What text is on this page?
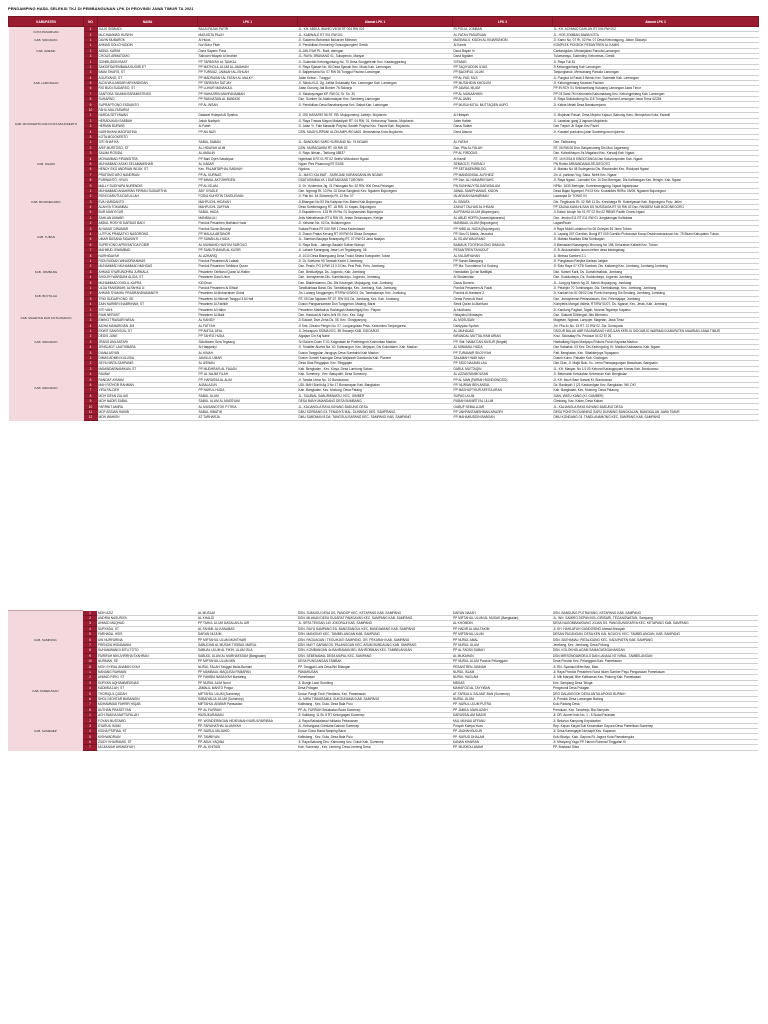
PENDAMPING HASIL SELEKSI TKJ DI PEMBANGUNAN LPK DI PROVINSI JAWA TIMUR TA 2021
KABUPATEN	NO	NAMA	LPK 1	Alamat LPK 1	LPK 3	Alamat LPK 3
KOTA PASURUAN	1	JULIS SISBIADI	BALAI PAJAK PATIR	JL. KH. ABDUL WAHID VII/18 RT 004 RW 002	RI POLUL JOMBAN	JL. KH. ACHMAD DAHLAN RT 004 RW 002
	2	MUCHAMMAD HUSEIN	MASJIDTA PALIH	JL. KABINALE RT 001 RW 001	AL FATAH PASURUAN	JL. HOS JOMBAN BAWA KOTA
KAB. SIDOARJO	1	DAVIN MUBAROK	Al Hulus	Jl. Sudarmo Buhamuk Mukarom Mbewon	MASIMALS, KIDON AL KINARUNIOM	Jl. Kamo No. 07 Rt. 02 Rw. 07 Desa Kebonagung, Jabon Sidoarjo
KAB. GRESIK	1	AHMAD SOLICHUDDIN	Nur Bulur Fitah	Jl. Pendidikan Kemuning Gunungsungkeri Gresik	Al Kamis	KOMPLEK PONDOK PESANTREN AL KAMIS
	2	ABDUL KARIM	Darul Sayaen Puna	JL.AHLIYAH PL. Budi, daringan	Darul Bayan In	Cantaragulan, Menanjakan Panuda Lamongan
	3	CHOLIS ARMATOMO	Sabuan Hidayah Al Ibrahim	JL. RAYA, BRANANG 01, Sukapendo, Manyar	Darul Ngalam	Tulumanayu, Sukerdiny, Kebonmas, Gresik
KAB. LAMONGAN	1	SOHIBUDDIN BAST	PP TARBIYAH AL TANKAL	Jl. Gulandah Kebongpintang No. 70 Desa Sunggelerah Kec. Kawanggorang	SITIMAH	Jl. Raya Tuli 81
	2	SAKSIFSAYEMBANA SUGIRI ET	PP MATHOLIL ULUM AL-UMAHAN	Jl. Raya Sjawah No. 80 Desa Sjawah Kec. Modo Kab. Lamongan	PP TAQIYUDDIN ILYAS	Jl.Kebongpintang Kab Lamongan
	3	IMAM SHAFIS, ST	PP TURMUZ, JAMAAH AL-ISHLAH	Jl. Bajiperdana No. 07 RW 06 Tunggul Paciran Lamongan	PP BACHRUL ULUM	Tanjungbaruk, Mencanang Panuda Lamongan
	4	AGUSYANG, ST	PP MADRASAH AL FATAH AL MALKY	Jalan Kebun - Tunggul	PP AL FAD, MLS	Jl. Pungkol Al Fatah 3 Brindo Kec. Dokmate Kab. Lamongan
	5	ALDA WULANSARI ARYANDIDAN	PP TARBIYAH SATJAY	Jl. Sidolu KLII, Jig. Jabba Sukawatty Kec. Lamongan Kab. Lamongan	PP MUTAHIDIN KHOLLIM	Jl. Kebongpintang Kauman Paciran
	6	RIO BUDI SUDARSO, ST	PP LUHUR MANANJUL	Jalan Gunung Jati Bunker 76 Sidoarjo	PP JAMIUL MLAM	PP IN ROY 01 Selokambang Kutulang Lamongan Jawa Timur
	7	SANTOSA TAUMANTARAMISTINSO	PP HAHAJIRIN MAHFANAIMAN	Jl. Sidaboyongan KP. RW 01, Sr. Sn. 30	PP AL MUNAAHHIN	PP 03 Santi 7M Kebonsela Kabumadang Kec. Kebongpintang Kab. Lamongan
	8	SUHARNO	PP RAKHATAIN AL BANNOK	Dsn. Sumber 3a Jalabundayan Kec. Sambeng Lamongan	PP AL AMIN	Jl. Raya Sidodadiong No 115 Tunggul Paciran Lamongan Jawa Timur 62254
	9	SUPRAPTIONO ESDIANTO	PP AL INSAN	Jl. Pendidikan Desa Banaborejoma Kec. Babat Kab. Lamongan	PP MUSLIHUTUL MUTTAQIEN AUPO	Jl. Kidela Melati Desa Banaborejoma
KAB. MOJOKERTO DAN KOTA MOJOKERTO	10	FAHLI MULYASARIM				
	1	HARDA SETYAWAN	Dalawat Hidayah Al Syafina	Jl. GSI HASAPAT 56 RT. RB. Mojogomeng. Jatirejo. Mojokerto	Al Hidayah	Jl. Mojolsari Pasuri, Desa Mejobo Kajaun, Babunig Haru, Mempuhan Kota, Kwantil
	2	HERADUKAN SABBAH	Jakob Nadiyah	Jl. Raya Trawas Mayun Makadiyah RT. 04 RW. 01, Kebonaray Trawas, Mojokerto	Jalen Hafiah	Jl. Lawakan gang 3 Ingnam Mojokerto
	3	HERMIN BURWIS	Al Fatah	Jl. Jalan Yr. Fale Masarah Prayhsi Gaoteh Prayhsi Kec. Fasuhi Kab. Mojokerto	Darus Salam	Dsn Trepuh Jb Sajan Kec Pacet
	4	NURHAYANI MAGFIATINA	PP AN NUR	DSN. MAGIYURPANI ULON AMPURO MAS. Bertahabina Kota Mojokerto	Darul Alauna	Jl. Kuwatel punkulmo jalan Sumbergora mojokerto
	5	KOTA MOJOKERTO				
KAB. NGAWI	1	SITI SHAFIYA	SABUL SABAN	JL. BANDUNG SARO SURKAND No. 74 NGAWI	AL FATAH	Dsn. Tarikurang
	2	ARIF MURTOSO, ST	AL-HIDAYAH ALIM	DSN. MURAGAHIM RT. 08 RW 03	Dsn. PNs AL FALAH	RT. 06 RW.05 Dsn. Bakyanurang Dis Mun Jagoreang
	3	SALMA ROSIDA	AL AMALIN	Jl. Rayu Ikhsan - Tarikong 08837	PP AL FIRDOUS	Dsn. Kahodihayon Jis Magalaro Kec. Karwaji Kab. Ngawi
	4	MOHAMMAD FIRANSITRA	PP Bani Oyeh Sarakiyas	Ngimbadi 8 RT.01 RT.02 Selelo Widodoron Ngawi	Al Kamili	RT. 10 KOSA 8 SINGOTANGA Dsn Kaluzunyunten Kab. Ngawi
	5	MUHAMMAD ASAKI SELAMAMSHAR	AL KABAR	Ngorn Ples Pisaurong RT 03/08	SEMAOLTI, FIKRIADI	PN Rohim ARMANDANALSEJATGOTO
	6	HENDY EKO ANDRIAN WIJAY, ST	Kec. PALAMTAPHAL SABHAH	Ngokoa	PP SETIASEMRBLOG	Jl. Mabalo No 08 Sudegandu Dis. Risorandini Kec. Ridolyani Ngawi
	7	PRATOMO ARO NANDRIAN	PP AL KURNAS	JL. MAYO KALINAT - SARKJANI KARANGANNJIN NGAWI	PP MANDUNGAL ALFIHIDZ	Jln. A. pahlean Yug. Saba. Nefrit Kec. Ngawi
	8	PURWANTO, HYUN	PP IMMUL AKTOHIRDEN	DSATUSIMBALYA 1 DMTANGANS TURONIN	PP Dsn. AL HAMARKIYAHS	Jl. Raya Ngawi - Larnakel Km. 10 Dsn Beringan, Dis Kaliwangan Kec. Bringin, Kab. Ngawi
	9	MALLY SUDIYAPA NURENDIS	PP AL ISLAM	Jl. Dr. Yustendos Jig. 01 Patungala No. 62 RW. 506 Desa Pelangan	PN.SUNHNUYITA DARUSALAM	NPNc. 1630 Beringan, Kurtekeranggung, Ngawi Ngawipusa
KAB. BOJONEGORO	1	MUHAMMAD ANAHIRAN FIRRAN SUDIARTHA	ABY SYADLE	Dsn. Ngrungi Rt. 10 Rw. 02 Desa Sangkrok Kec. Ngasem Bojonegoro	JAWAL SANIPHANIAS, KIDON	Desa Bajan Ngampel. Rt 03 Kriv. Kodrakkes Rt/Rw. 05/05. Ngasem Bojonegoro
	2	RONI DARUTULDATULLAH	FODIA KUHSTIN TANGLEMAN	Jl. Pak No. 54 Sidomrejo Rt. 12 Rw. 07	IALAFAIAN BAHARMAN	Lawanjad Dr TONIO 04
	3	EVA HARIDANTO	MAHFUCHL HIDAYAH	Jl.Bhangan No 53 Dis Kaliyoan Kec.Baleni Kab.Bojonegoro	AL ISMATA	Dis. Tingkhanlo Rt. 02 RW 11 Ds. Kresinarga Rt. Sukrelyasari Kab. Bojonegoro Prov. Jatim
	4	ALANYA TOKANBAL	MAHFUCHL ZAFFAN	Desa Sumberagung RT. 18 RW. 11 Kapas, Bojonegoro	ZAINUT TALHAS AL IHSANI	PP ZAIJIALKANLHLSAN DS NUSISAGA RT 05 RW 02 Dsc. PANDEM KAB BOJONEGORO
	5	BUR MANYIGUR	SABUL HADA	Jl.Stupakilen no. 125 Rt 09 Rw. 01 Sughamanis Bojonegoro	ALIFRAHULULUM (Bojonegoro)	Jl.Subuh Ichayn No 01 RT 02 Rw 02 RBWS Padlih Chanu Ngasi
KAB. TUBAN	1	SAHLAN ANWAR	MANBALULI	Jetis Mahabhasah RT 6 RW 05, Jetam Setonsayam, Kebijar	AL ABUD HOFRI (Anzwulnjanarenu)	Dsn. Jembu 011 RT 011 RW 01 Jungkaongar Koibidaas
	2	ABDUL ROSYID DARDAS BADI	Pondok Pesantren Mathlaul Huda	Jl. Yabaran No. 02 Ds. Bulakrengono	MANBAUL ULUM (Bojonegoro)	Lagan/Ruah
	3	ALYAMAT DINAMAR	Pondok Sunan Beranyi	Sudaal Pratus RT 000 RW 1 Desa Kaumdasari	PP NIBD AL HUDA (Bojonegoro)	Jl Raya Mukti Lohiahun No 08 Guleyan 55 Jtcno Tuban
	4	LUTFUK PRABATYO NASORONG	PP MAULA ABTANOR	Jl. Dusun Pratus Kerung RT 09 RW 04 Dlesa Surapaso	PP Gan 01 Mabis, Jeunahul	Jl. Lapang 007 Gurnilah, Bongi RT 009 Gurnillo Plobunasol Karup Dwiohnasvariusan No. 75 Bkam Kabupaten Tuban
	5	UMAR BUSANA SIDASINTI	PP SUNAN AL-HUDA	JL. Samban Baujaya Bnarapahg RT. 07 RW 03 Jana Nalajan	AL ISLAM WALIRANG	Jl. Mabalo Mualkan Dilla Sumbagan
	6	SUPRIYONO APRIYANTOA FOBIR	AL MUWAHID HASYIM SURGILO	Jl. Raya Bulu - Jatirogo Bawahi Sulkan Warupt	BAMAUK TOOFIKULONG DIMLINA	Jl Mamadani Klarangrejo Mnurong No 198. Kelurahan Kaliwiti Kec. Tuban
	7	MAHMUD JIWAMBAD	PP SANUTHAHUB AL KUSIR	Jl. Lakseb Karangang Jawe Lori Tegalagung, 06	PESANTREN TAHUDUT	Jl. B. Abdusahabin dusun kebon desa karangasag
	8	NURHIDAYAH	AL AZHARIQ	Jl. 1010 Desa Blaneguang Desa Trukul Setara Kabupaten Tuban	AL MUJARYAHAN	Jl. Mebwa Sumberi 2.1
KAB. JOMBANG	1	RIZA RUDIAN WINUDRIANIHAS	Pondok Pesantren Al Lataak	Jl. Dr. Soetomo 95 Tambak Kediri 3 Jombang	PP Sunan Blatagung	Jl. Pungkasan Renjiba Karisan Jatijaw
	2	MUHAMMAD MUHAMMAD MAHDAS	Pondok Pesantren Tahfidzul Quran	Dsn. Pesilo, PG 8 RW 13 0.3 Dsn. Pesi Pelo, Pelo, Jombang	PP Ma. Turunlaboa 9 A Sodong	Jl. Bolo Raya 07 KTB Sumbah, Dis. Kaliwang Kec. Jombang, Jombang Jombang
	3	AHMAD SYARUNOHRA JURNALA	Pesantren Tahfidzul Quran Al-Hakim	Dsn. Bebluwijaya, Ds. Jogoroto, Kab. Jombang	Hamdaifah Qo'ran Batitiljati	Dsn. Karsmi Karit, Ds. Dumahimabalo, Jombang
	4	SHOLEH WARDANI ALIOA, ST	Pesantren Darul Ulum	Dsn. Jomayraman Dis. Sumbiaiuluyu, Jogoroto, Jombang	Al Sholamutan	Dsn. Sodokobaya, Ds. Sodokobaya, Jogoroto Jombang
	5	MUHAMMAD KHOLIL KAPRA	KIDOnan	Dsn. Blaktendarmu, Dis. Dis Kerangsti, Mojoagung, Kab. Jombang	Darus Burrenu	JL. Jong pg Marsh Ng 20. Marsh Mojoagung, Jombang
KAB. BOYOLALI	1	ULDA FANISWAHI, ALFAHKA Lt	Pondok Pesantren Al Kifaun	Tandikahlasa Barat, Dis. Tambakaraja, Kec. Jombang, Kab. Jombang	Pondok Pesantren Al Fazal	Jl. Pelahpin 70 Tumihangan, Dis. Tambakaraja, Kec. Jombang, Jombang
	2	AHMAD SYAMHU PRADRANDIAMANITH	Pesantren Al-Mubarrahan Gubal	Jln. Lanang Tanggungen, RT/RW 003/003, Ds. Tambakaraja, Kec. Jombang	Pondok Al-Hanasini Z	Jl. Kankah No 51 05/02 Dsu Puntu Kampung Dis Sindang, Jombang, Jombang
	3	TRIO SUDARYONO, SE	Pesantren Al-Hikmah Tanggul 3 Al Hafi	RT. 09 Dsn Ngawan RT 07, RW 001 Ds. Jombang, Kec. Kab. Jombang	Gema Puran Al Hadi	Dsn. Jomayraman Pekanalawen, Kec. Pelentajaya, Jombang
	4	ZAIN NARIBRI INABRIHAM, ST	Pesantren Al-Falihbh	Dusun Pangsarsanean Dsn Tunggeran, Malang, Barat	Sewit Quran Al-Mahfuzd	Kompleks Mangal Valleta, RT/RW 01/07, Ds. Nganar, Kec. Jerak, Kab. Jombang
KAB. MAGETAN DAN KOTA MADIUN	1	SITI VAHI	Pesantren Al Halim	Pesantren Mahfadrus Radungah Masenlhgaji Kec. Plapan	Al Nudhumu	Jl. Kandung Pagibal, Tagah, Mosnal Tegalrejo Kapaiso
	2	RIAN NERAST	Pesantren Al-Malk	Dsn. Hasiuad Al Haim Jehi 05. Kec. Kec. Gagi	Hidayahul Mustaqim	Dsn. Sakurat Dlhhtngah Jkts Mlemenu
	3	EMING TRIASARI WISAI	AL KANIDY	Jl.Sukawi, Dsm Zena Ds. 05, Kec. Gongiyanyng	AL MOSUDAN	Magetan, Nglowa, Lanyojer, Magetan, Jawa Timur
	4	AIDHA MAHARDIAN JIM	AL FATYAH	Jl Srst, Ghrahu Pengin No. 07. Lungungusan Prsis. Kebumkno Tanjungaresi	Dahiyyato Syofan	Jln. Pila 3c No. 15 RT. 22 RW 02. Dis. Sumoyudo
KAB. SIDOARJO	1	EKWIT SANGISOU, ST	PP AMTUL AFAL	Jl. Jeturapuru SSIMA KEC. 89 Sidoarjo KAB. SIDOARJO	AL-MUHAJAD	DSOUR BALAK ABR RAJAWBANG HATULAN KERIJU SIDOARJO WARMAN KABUPATEN MAARIAN JAWA TIMUR
	2	DEDIS JUNE	PP TAHFIZ HUDA	Algajam Cin Kaj Nabir	BIRANDAL MUTTALIYAM ARIAN	Khul. Sidosatay Rs. Pedosar 04 02 EI 26
	3	JRANG AMLASTARI	Siduhiwem Sera Tegaang	Sri Salorm Doan Tl 01 Kalgedade ke Posfelingroh Kotmurkan Madiun	PP. Sitir. NAMA'CAN NUSUR (Negati)	Harikaliang Nojan Madyapo Fiskulni Puluh Kapanta Madiun
	4	JENSLADY LAUTISBARA	Al-Haqqaniyi	Jl. Tulakiter Alumni Na. 40. Kaliwangun, Kec. Mejayan, Dis Kulonlaken, Kab. Madiun	AL MINAMAL HUDA	Dsn Kabarlak, 03 Kec. Dis Kedungolog, Kr. Madiun Kadasama. Kab. Ngawi
	5	DIANA ASYAN	AL KINAH	Dusun Tanggulan Jaroguyu Desa Sumbahki Kab Madiun	PP TURAMAR SKOYIYAH	Pati, Bengkalan, Kec. Sibakkerjoya Toyagarno
KAB. SIDOARJO	1	DIMAS ADMIN KULUSIA	JAMILUL UMAR	Dusun Gondril Kalongan Desa Wajarsah Garatonda Kab. Pioneer	SALAMAH HADI NAH	Dukuh Kulon. Pabalim Kab. Grobogan
	2	SEYA NINTA SAHPANIS	AL ASWAN	Desa Glas Ringgajan, Kec. Ringgajan	PP SIDO NAJAMILLALI	Dsn Glas, Jl. Majid Bulu, Kc. Lemu Pamapagungan Bawahuas, Bangsatin
	3	MAMINDARNAMIKAN, ST	PP MUDHRAFLAL FAUAN	Kab. Bengkalan , Kec. Kloya, Desa Lumbung Saban	DARUL MUTTAQIN	JL. KH. Masyar. No 1/1 00 Kekurai Karangquyam Kamar Kab. Bondowoso
	4	RAVAW	PP. AL NAJIM FILAH	Kab. Sumenep , Kec. Batuputih, Desa Sumenep	AL AZZANTANMOLEAN	Jl. Beberantu Kekulahan Kebmeran Kab. Bengkulan
	5	RANDAF AYMAM	PP. HARASSA AL ALIM	Jl. Taraba Umar No. 10 Bondowoso	PP AL MAN (PARIAH BONDOWOSO)	Jl. KH. Moch Bani Garwal Kr. Bondowoso
	6	MAH FATHOR RAHMAN	ALBALAJUN	UDL MAH Buniti Ag 3 No 17 Bonamapan Kab. Bangkalan	PP. NURIAN BEN ANSAL	Ds. Baulayah 1 (21 Kaskondgan Kec. Bangkalan, Wil. DKI
	7	YIRA FALDEH	PP NURUL HUDA	Kab. Bangkalan, Kec. Modung, Desa Patang	PP MASHUFTHUR AFEITA ARAN	Kab. Bangkalan, Kec. Modung, Desa Pataung
	8	MOH SIFAN ZULIAS	SABUL ULUM	JL. SUUBIAL SABURIMWATU, KEC. GIMBER	SUPAG ULUM	SIAN, WATU KANG (KI, GUMBER)
	9	MOH NADIR SABAL	SABUL ULUM AL MASSYAM	DESA BANYUMANDANG DESA BUMBANG	RUBAH MANIRTYAL ULUM	Gimbang, Kac. Kalan, Desa Kakan
	10	FARRNIT AMIRA	AL MUSAWOTOK FYTRIA	JL. KALIANGLA RAYA KAYANG BADUNG DESA	GUBUF SEBALUJAR	JL. KALIANGLA RAYA KAYANG BADUNG DESA
	11	MOF ASSIAN HAKIBI	SABUL HIBATIH	DMU SORBANG 03. TENANYS MAL. DUNNING DES. SAMPRANG	PP UNHPANTAMSHMAN ARAGRI	DESA PONTON DUNNING SARU DUNNING BANGKALAN, BANGKALAN JAWA TIMUR
	12	MOH WAHISH	AT TARHARJA	DMU SABOMAN 8 DA. TANGGULISAPANG KEC. SAMPANG KAB. SAMPANG	PP MAHAMUDDIN BABOAN	DMU KONDANG 03. TANDLANAMONG KEC. SAMPANG KAB. SAMPANG
KAB. SAMPANG	1	MOH AZIZ	AL MUSLIM	DSN. SUMUGU DESA DS. PANDOP KEC. KETAPANG KAB. SAMPANG	DARUN NAJAH	DSN. BANDUNG PUTRAYANG. KETAPANG KAB. SAMPANG
	2	ANDRIA NASURIYA	AL KHALDI	DSN. MLAKAN DESA GUJARAT PAMGAYAN KEC. SAMPANG KAB. SAMPANG	PP MIFTAHUL ULUM AL MUSAK (Bangkalan)	JL. WH. SAMIRO DEPAN KEL.GIRISARI, TEGANGWATAN, Sampang
	3	AHMAD MAQHAD	PP TAHUL ULUM DASALAN AL AIR	JL. SRTA TEKSAN 140 JOKORAJI KAB. SAMPANG	AL KHOMDIN	DESA NAGOMBAWOANG JOJAN DS. PANGGUNGKARYA KEC. KETAPANG KAB. SAMPANG
	4	SURYADA, ST	AL FAHMIL AL KANABAS	DSN. RAYU SAMPANG EA. BANGSANGUL KEC. BANDAWANG KAB. SAMPANG	PP HADIR AL MULTAKIM	Jl. KH. HAHLAFUH GUNDOSING Ahmad Ahnayah
	5	FARHADA. HSIS	DARUN NUJUM	DSN. MANOKAY KEC. TAMBELANGAN KAB. SAMPANG	PP MIFTAHUL ULUM	DESAN PACANGAN. DESA KEN KAL NGUCHI, KEC. TAMBELANGAN, KAB. SAMPANG
	6	AIN NURFARINA	PP MIFTAHUL ULUM MUNTHARI	DSN. PAGUAGAN / TEGUHJATI SAMPANG, GR. PEKARAH KAB. SAMPANG	PP NURUL AMAL	DSN. BATHAMALI PATALIGANG KEC. KADUPATEN KAB. SAMPANG
	7	FRENGIA WIDAMANIA	SABUCHAI AL MUSAK TISIRAIL MARUL	DSN. MAYT GARAM DS. PALANGGAN KEC. ASUM BUNDAUNG KAB. SAMPANG	PP NURUL ULUM	Jembang, Kec. Jembang, Desa Pokong
	8	SUHANIWANGI BITU TOTO	SABUAL ULUM AL FIKIH, ULUM ISLA	DSN. KOMBANGAN 4c BAHRAMAN BEI. BAHROBMAN KEC. TAMBELANGAN	PP AL FADIDI SABAH	DSN. KOLOKHOLAGAM SAMAGATAGAHANGAN
	9	FAIRIFAH NIKUVIRRHA SYAHRAN	SABUOL ULUM AL MURHAFATAM (Bangkalan)	DSN. SEBENAMAL DESA MAPAL KEC. SAMPANG	AL MUKAHAN	DSN MIRSONOAWOB A.5 DAN LANAAL NT NIRAL. TAMBELANGAN
	10	NURMAN, SE	PP MIFTAHUL ULUM MIN	DESA PUNGANGAN TAMBAK	PP NURUL ULUM Pondok Pelanggam	Desa Pondok Kec. Pelanggam Kab. Pamekasan
	11	MOH SYIRAL ANAMIN SYAH	NURUL FALAH Tanggul Mulia Bumani	PP. Tanggali Lami Desa Bhi Bilangan	PESANTREN JANNAH	Jl. RN. Syamsul Mifm Ban. Bam
KAB. PAMEKASAN	1	NANANG RAHMAN	PP MAMBAUL MAQLISAI PAMAPAN	PAMAHUSAN	NURUL ISLAM	Jl. Raya Pondok Pesantren Nurul Islam Sumber Payu Pengaracan Pamekasan
	2	AHMAD RIFKI, ST	PP FAHIBIA NABAIYAH Buntallng	Pamekasan	NURUL HAGLAM	Jl. Mlk Maryati, Bhe Kaliboman Kec. Pakong Kab. Pamekasan
	3	SURYAN AQHIAMMEDINAS	PP NURUL ALIM Nurul	Jl. Bungh Laon Sumbing	MBOAS	Kec. Sampang Desa Teloga
	4	KADIMULLAH, ST	JAMALIL MANTO Polgur	Desa Polagan	MAHAFOZI AL TAYYIBAN	Pengeundi Desa Polagan
	5	THORIQUL QUDAH	MIFTAHUL ULUM (Sumenep)	Dusun Pangli Tindi, Pandiana, Kec. Pamekasan	AT-TARKULU SALMAT BAN (Sumenep)	DRO DALAKEGOK DESA ANTALAPONG BURNIH
	6	SHOLI MOHTAR BUBANGIN	SABAIYALUL ULUM (Sumenep)	JL. MIRA TIBAURAMUL SUKGUNAMAI KAB. SAMPANG	NURUL ULUM	Jl. Pondok Desa Lumangan Batung
	7	MUHAMMAD FAHRIR HIQAB	MIFTAHUL ANWAR Pamuadan	Kalibdang , Kec. Gula. Desa Bala Pulu	PP. NURUL ULUM PUTRA	Kolo Padang Desa
	8	AUTHAN PRASETYAN	PP. AL FURRAH	PP. AL FURRAH Sekabatan Boda Sumenep	PP JAMIUL MAHLAZAH	Prenduan, Kec. Tanwirejo, Bia Sampuis
KAB. SUMENEP	1	ACH RAKHA MAFTUPALAH	WUSUKARAMAN	Jl. Kalidang. 11 Bt. 8 RT Kelungagan Sumenep	DARUSSALAM MADIS	Jl. DR. Aumel Indo No. 1 - 8 Sudai Parastan
	2	FOYAN MUSTAIBO	PP. WONDERINGAN HIDIEUNAH NURULFAIRIBAA	Jl. Raya Bakakalawa Hulikadu Pekauanan	MUL MUNAU AFFANU	Jl. Belunun Kampung Kepulawlan
	3	SYARUIL IMAM	PP. FARUHATHAL ALAMIYAH	JL. Kebungana Grindaha Dahuar Sumenep	Ponyah Kamya Yuan	Rep. Kepan Kiayat Suti Kecamatan Gapura Desa Pamelikan Sumenep
	4	KIDNA PSIPIAA, ST	PP. NURUL MUJAHID	Dusun Gona Mana Nanping Baca	PP JAUHAHOULUN	Jl. Sesa Karangayin Nonsapit Kec. Kapanan
	5	KISHWADRIAN	PP. TAMBIYAN	Kalibdang , Kec. Gula, Desa Bala Pulu	PP. NURUD DHALAM	Kulu Bhaiyu, Kalu. Gapura Rt. Jagura Kuta Pamakangula
	6	ZIUDY KHAIRAMIS, ST	PP. ABUL YAQINA	Jl. Raya Batuang Dirs. Kaleuraeg Kec. Guluk Kab. Sumenep	KANAN KHAIRAN	Jl. Mrwiyang Yaga PP. Hanun Rohmad Tinggalan Ki
	7	MUJIANIAH AHMADIYAH	PP. AL KHITASI	Kab. Sumenep , Kec. Lenteng, Desa Lenteng Desa	PP. MUSHOLLAMAH	PP. Bustanul Sibur
